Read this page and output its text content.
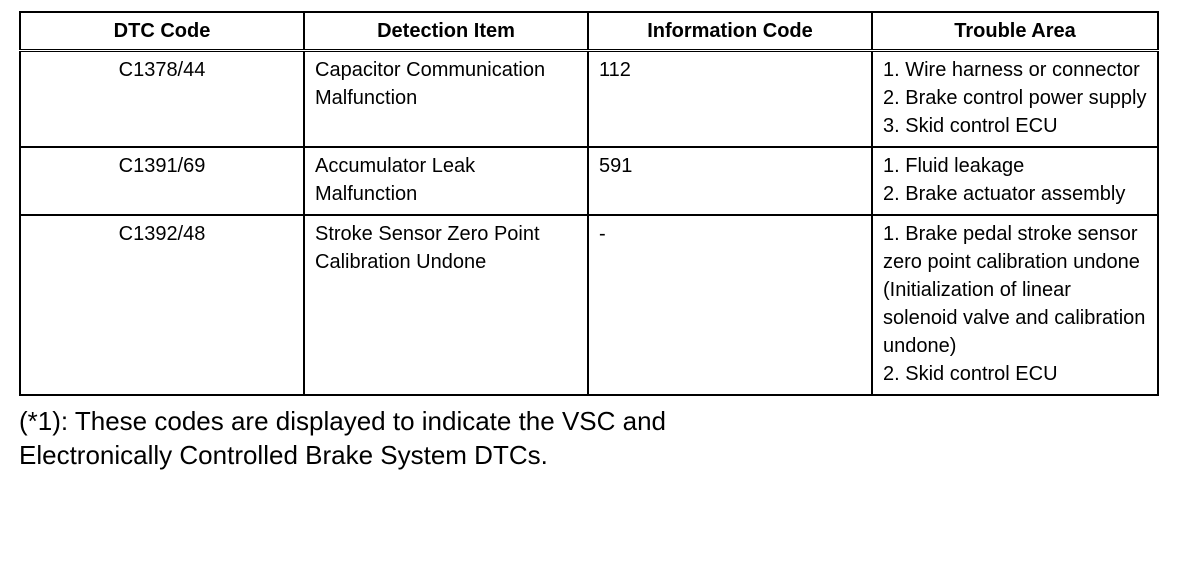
DTC Code	Detection Item	Information Code	Trouble Area
C1378/44	Capacitor Communication Malfunction	112	1. Wire harness or connector
2. Brake control power supply
3. Skid control ECU

C1391/69	Accumulator Leak Malfunction	591	1. Fluid leakage
2. Brake actuator assembly

C1392/48	Stroke Sensor Zero Point Calibration Undone	-	1. Brake pedal stroke sensor zero point calibration undone (Initialization of linear solenoid valve and calibration undone)
2. Skid control ECU
(*1): These codes are displayed to indicate the VSC and
Electronically Controlled Brake System DTCs.
